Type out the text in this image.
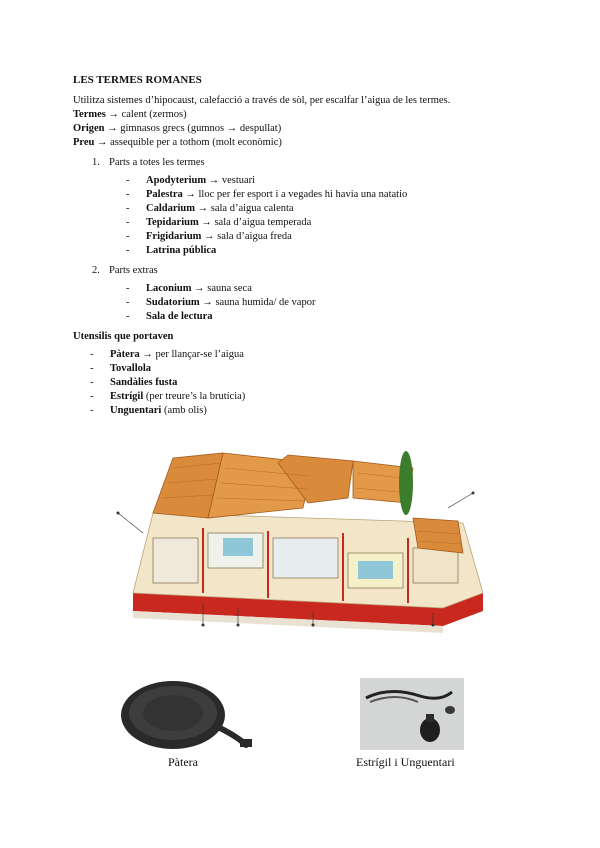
LES TERMES ROMANES
Utilitza sistemes d’hipocaust, calefacció a través de sòl, per escalfar l’aigua de les termes.
Termes → calent (zermos)
Origen → gimnasos grecs (gumnos → despullat)
Preu → assequible per a tothom (molt econòmic)
1. Parts a totes les termes
- Apodyterium → vestuari
- Palestra → lloc per fer esport i a vegades hi havia una natatio
- Caldarium → sala d’aigua calenta
- Tepidarium → sala d’aigua temperada
- Frigidarium → sala d’aigua freda
- Latrina pública
2. Parts extras
- Laconium → sauna seca
- Sudatorium → sauna humida/ de vapor
- Sala de lectura
Utensilis que portaven
- Pàtera → per llançar-se l’aigua
- Tovallola
- Sandàlies fusta
- Estrígil (per treure’s la brutícia)
- Unguentari (amb olis)
Pàtera	Estrígil i Unguentari
